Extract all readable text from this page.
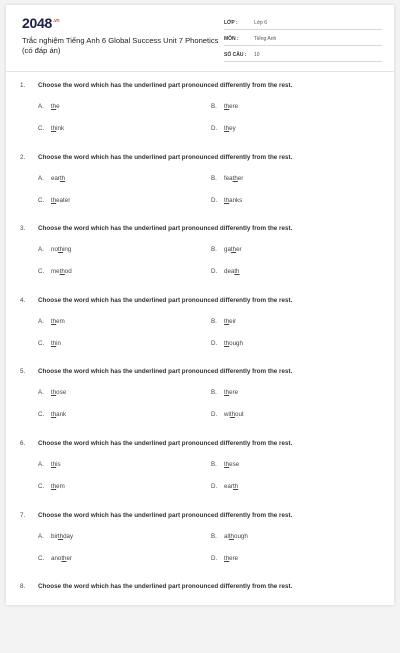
$2048^{.vn}$
Trắc nghiệm Tiếng Anh 6 Global Success Unit 7 Phonetics
(có đáp án)
LỚP :	Lớp 6
MÔN :	Tiếng Anh
SỐ CÂU :	10
1. Choose the word which has the underlined part pronounced differently from the rest.
A. the	B. there
C. think	D. they
2. Choose the word which has the underlined part pronounced differently from the rest.
A. earth	B. feather
C. theater	D. thanks
3. Choose the word which has the underlined part pronounced differently from the rest.
A. nothing	B. gather
C. method	D. death
4. Choose the word which has the underlined part pronounced differently from the rest.
A. them	B. their
C. thin	D. though
5. Choose the word which has the underlined part pronounced differently from the rest.
A. those	B. there
C. thank	D. without
6. Choose the word which has the underlined part pronounced differently from the rest.
A. this	B. these
C. them	D. earth
7. Choose the word which has the underlined part pronounced differently from the rest.
A. birthday	B. although
C. another	D. there
8. Choose the word which has the underlined part pronounced differently from the rest.
